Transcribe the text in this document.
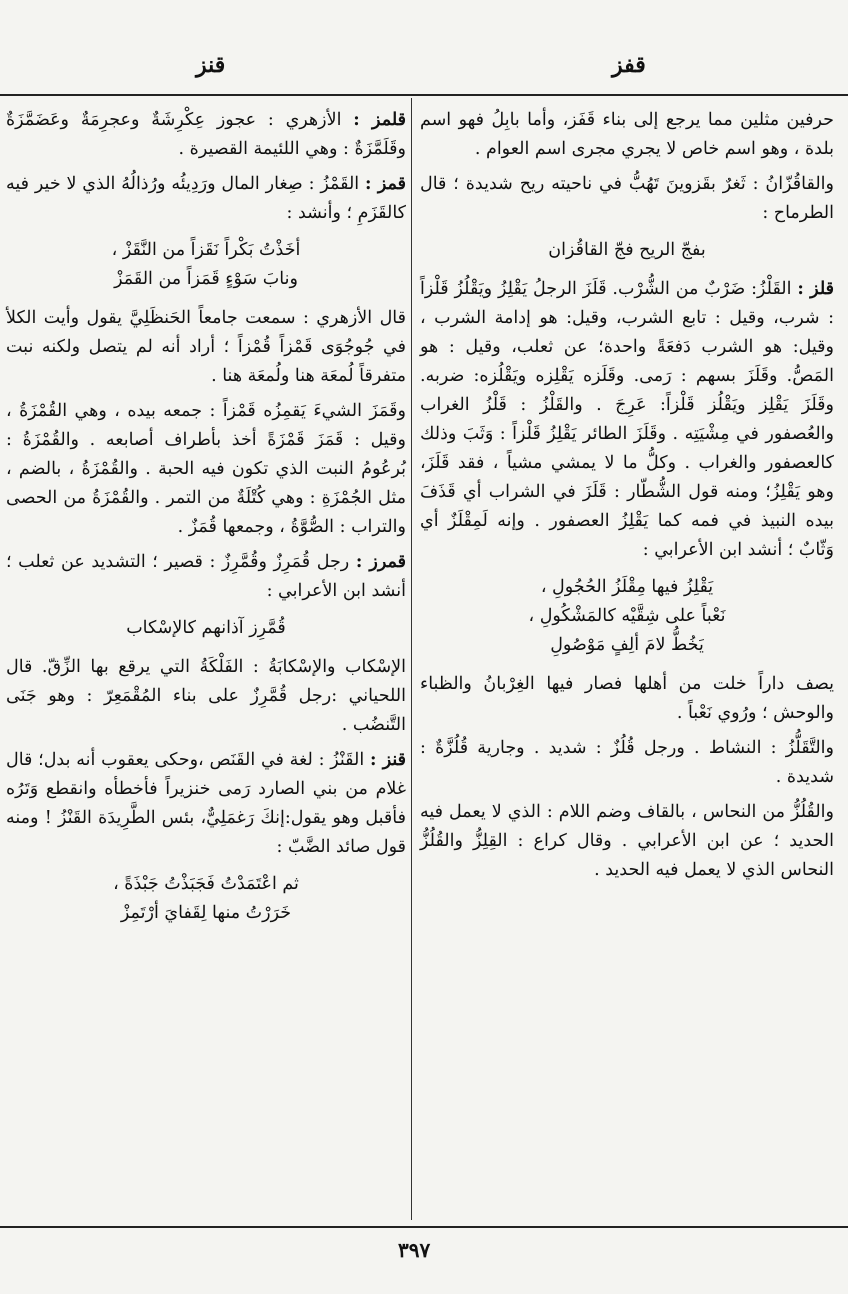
قنز	قفز

حرفين مثلين مما يرجع إلى بناء قَفَز، وأما بابِلُ فهو اسم بلدة ، وهو اسم خاص لا يجري مجرى اسم العوام .

والقاقُزّانُ : ثَغرٌ بقَزوينَ تَهُبُّ في ناحيته ريح شديدة ؛ قال الطرماح :

بفجّ الريح فجّ القاقُزان

قلز : القَلْزُ: ضَرْبٌ من الشُّرْب. قَلَزَ الرجلُ يَقْلِزُ ويَقْلُزُ قَلْزاً : شرب، وقيل : تابع الشرب، وقيل: هو إدامة الشرب ، وقيل: هو الشرب دَفعَةً واحدة؛ عن ثعلب، وقيل : هو المَصُّ. وقَلَزَ بسهم : رَمى. وقَلَزه يَقْلِزه ويَقْلُزه: ضربه. وقَلَزَ يَقْلِز ويَقْلُز قَلْزاً: عَرِجَ . والقَلْزُ : قَلْزُ الغراب والعُصفور في مِشْيَتِه . وقَلَزَ الطائر يَقْلِزُ قَلْزاً : وَثَبَ وذلك كالعصفور والغراب . وكلُّ ما لا يمشي مشياً ، فقد قَلَزَ، وهو يَقْلِزُ؛ ومنه قول الشُّطّار : قَلَزَ في الشراب أي قَذَفَ بيده النبيذ في فمه كما يَقْلِزُ العصفور . وإنه لَمِقْلَزٌ أي وَثّابٌ ؛ أنشد ابن الأعرابي :

يَقْلِزُ فيها مِقْلَزُ الحُجُولِ ،
نَعْباً على شِقَّيْه كالمَشْكُولِ ،
يَخُطُّ لامَ ألِفٍ مَوْصُولِ

يصف داراً خلت من أهلها فصار فيها الغِرْبانُ والظباء والوحش ؛ ورُوي نَعْباً .

والتَّقَلُّزُ : النشاط . ورجل قُلُزٌ : شديد . وجارية قُلُزَّةٌ : شديدة .

والقُلُزُّ من النحاس ، بالقاف وضم اللام : الذي لا يعمل فيه الحديد ؛ عن ابن الأعرابي . وقال كراع : القِلِزُّ والقُلُزُّ النحاس الذي لا يعمل فيه الحديد .

قلمز : الأزهري : عجوز عِكْرِشَةٌ وعجرِمَةٌ وعَضَمَّزَةٌ وقَلَمَّزَةٌ : وهي اللئيمة القصيرة .

قمز : القَمْزُ : صِغار المال ورَدِيئُه ورُذالُهُ الذي لا خير فيه كالقَزَمِ ؛ وأنشد :

أخَذْتُ بَكْراً نَقَزاً من النَّقَزْ ،
ونابَ سَوْءٍ قَمَزاً من القَمَزْ

قال الأزهري : سمعت جامعاً الحَنظَلِيَّ يقول وأيت الكلأ في جُوجُوَى قَمْزاً قُمْزاً ؛ أراد أنه لم يتصل ولكنه نبت متفرقاً لُمعَة هنا ولُمعَة هنا .

وقَمَزَ الشيءَ يَقمِزُه قَمْزاً : جمعه بيده ، وهي القُمْزَةُ ، وقيل : قَمَزَ قَمْزَةً أخذ بأطراف أصابعه . والقُمْزَةُ : بُرعُومُ النبت الذي تكون فيه الحبة . والقُمْزَةُ ، بالضم ، مثل الجُمْزَةِ : وهي كُتْلَةٌ من التمر . والقُمْزَةُ من الحصى والتراب : الصُّوَّةُ ، وجمعها قُمَزٌ .

قمرز : رجل قُمَرِزٌ وقُمَّرِزٌ : قصير ؛ التشديد عن ثعلب ؛ أنشد ابن الأعرابي :

قُمَّرِز آذانهم كالإسْكاب

الإسْكاب والإسْكابَةُ : الفَلْكَةُ التي يرقع بها الزِّقّ. قال اللحياني :رجل قُمَّرِزٌ على بناء المُقْمَعِرّ : وهو جَنَى التَّنضُب .

قنز : القَنْزُ : لغة في القَنَص ،وحكى يعقوب أنه بدل؛ قال غلام من بني الصارد رَمى خنزيراً فأخطأه وانقطع وَتَرُه فأقبل وهو يقول:إنكَ رَغمَلِيٌّ، بئس الطَّرِيدَة القَنْزُ ! ومنه قول صائد الضَّبّ :

ثم اعْتَمَدْتُ فَجَبَذْتُ جَبْذَةً ،
خَرَرْتُ منها لِقَفايَ أرْتَمِزْ
٣٩٧
